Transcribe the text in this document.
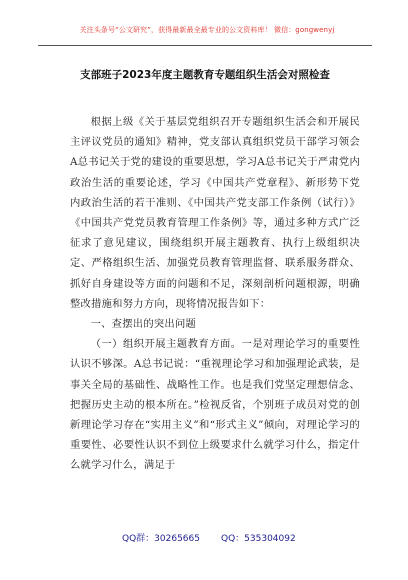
关注头条号“公文研究”，获得最新最全最专业的公文资料库！ 微信：gongwenyj
支部班子2023年度主题教育专题组织生活会对照检查

根据上级《关于基层党组织召开专题组织生活会和开展民主评议党员的通知》精神，党支部认真组织党员干部学习领会A总书记关于党的建设的重要思想，学习A总书记关于严肃党内政治生活的重要论述，学习《中国共产党章程》、新形势下党内政治生活的若干准则、《中国共产党支部工作条例（试行）》《中国共产党党员教育管理工作条例》等，通过多种方式广泛征求了意见建议，围绕组织开展主题教育、执行上级组织决定、严格组织生活、加强党员教育管理监督、联系服务群众、抓好自身建设等方面的问题和不足，深刻剖析问题根源，明确整改措施和努力方向，现将情况报告如下：

一、查摆出的突出问题

（一）组织开展主题教育方面。一是对理论学习的重要性认识不够深。A总书记说：“重视理论学习和加强理论武装，是事关全局的基础性、战略性工作。也是我们党坚定理想信念、把握历史主动的根本所在。”检视反省，个别班子成员对党的创新理论学习存在“实用主义”和“形式主义”倾向，对理论学习的重要性、必要性认识不到位上级要求什么就学习什么，指定什么就学习什么，满足于

QQ群：30265665 QQ：535304092
